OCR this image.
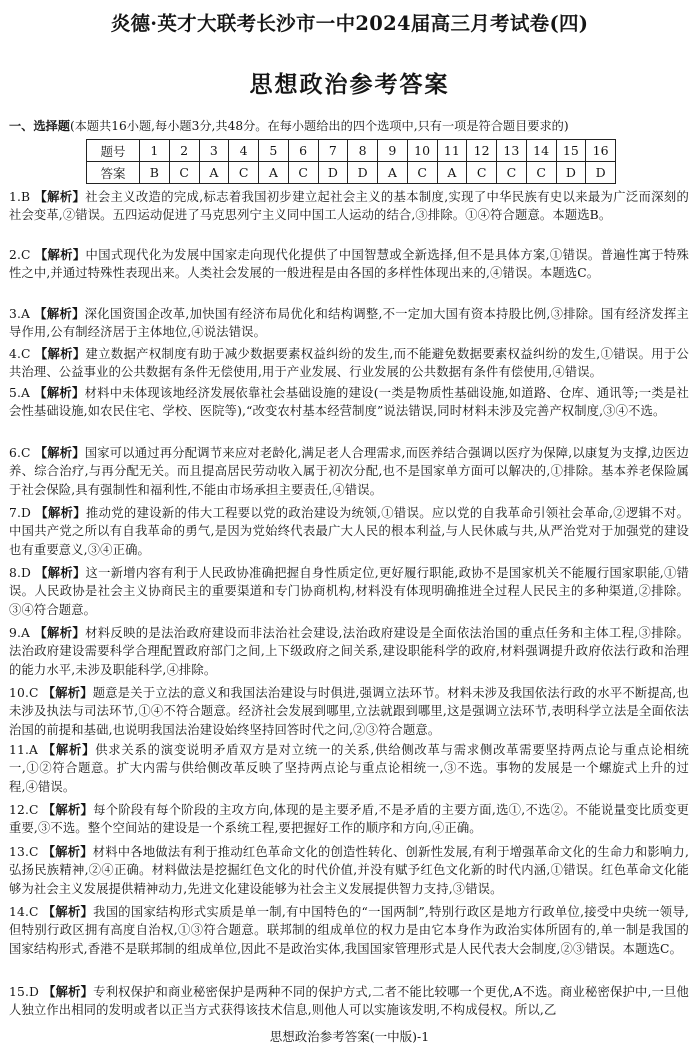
炎德·英才大联考长沙市一中2024届高三月考试卷(四)
思想政治参考答案
一、选择题(本题共16小题,每小题3分,共48分。在每小题给出的四个选项中,只有一项是符合题目要求的)
题号	1	2	3	4	5	6	7	8	9	10	11	12	13	14	15	16
答案	B	C	A	C	A	C	D	D	A	C	A	C	C	C	D	D
1.B 【解析】社会主义改造的完成,标志着我国初步建立起社会主义的基本制度,实现了中华民族有史以来最为广泛而深刻的社会变革,②错误。五四运动促进了马克思列宁主义同中国工人运动的结合,③排除。①④符合题意。本题选B。
2.C 【解析】中国式现代化为发展中国家走向现代化提供了中国智慧或全新选择,但不是具体方案,①错误。普遍性寓于特殊性之中,并通过特殊性表现出来。人类社会发展的一般进程是由各国的多样性体现出来的,④错误。本题选C。
3.A 【解析】深化国资国企改革,加快国有经济布局优化和结构调整,不一定加大国有资本持股比例,③排除。国有经济发挥主导作用,公有制经济居于主体地位,④说法错误。
4.C 【解析】建立数据产权制度有助于减少数据要素权益纠纷的发生,而不能避免数据要素权益纠纷的发生,①错误。用于公共治理、公益事业的公共数据有条件无偿使用,用于产业发展、行业发展的公共数据有条件有偿使用,④错误。
5.A 【解析】材料中未体现该地经济发展依靠社会基础设施的建设(一类是物质性基础设施,如道路、仓库、通讯等;一类是社会性基础设施,如农民住宅、学校、医院等),“改变农村基本经营制度”说法错误,同时材料未涉及完善产权制度,③④不选。
6.C 【解析】国家可以通过再分配调节来应对老龄化,满足老人合理需求,而医养结合强调以医疗为保障,以康复为支撑,边医边养、综合治疗,与再分配无关。而且提高居民劳动收入属于初次分配,也不是国家单方面可以解决的,①排除。基本养老保险属于社会保险,具有强制性和福利性,不能由市场承担主要责任,④错误。
7.D 【解析】推动党的建设新的伟大工程要以党的政治建设为统领,①错误。应以党的自我革命引领社会革命,②逻辑不对。中国共产党之所以有自我革命的勇气,是因为党始终代表最广大人民的根本利益,与人民休戚与共,从严治党对于加强党的建设也有重要意义,③④正确。
8.D 【解析】这一新增内容有利于人民政协准确把握自身性质定位,更好履行职能,政协不是国家机关不能履行国家职能,①错误。人民政协是社会主义协商民主的重要渠道和专门协商机构,材料没有体现明确推进全过程人民民主的多种渠道,②排除。③④符合题意。
9.A 【解析】材料反映的是法治政府建设而非法治社会建设,法治政府建设是全面依法治国的重点任务和主体工程,③排除。法治政府建设需要科学合理配置政府部门之间,上下级政府之间关系,建设职能科学的政府,材料强调提升政府依法行政和治理的能力水平,未涉及职能科学,④排除。
10.C 【解析】题意是关于立法的意义和我国法治建设与时俱进,强调立法环节。材料未涉及我国依法行政的水平不断提高,也未涉及执法与司法环节,①④不符合题意。经济社会发展到哪里,立法就跟到哪里,这是强调立法环节,表明科学立法是全面依法治国的前提和基础,也说明我国法治建设始终坚持回答时代之问,②③符合题意。
11.A 【解析】供求关系的演变说明矛盾双方是对立统一的关系,供给侧改革与需求侧改革需要坚持两点论与重点论相统一,①②符合题意。扩大内需与供给侧改革反映了坚持两点论与重点论相统一,③不选。事物的发展是一个螺旋式上升的过程,④错误。
12.C 【解析】每个阶段有每个阶段的主攻方向,体现的是主要矛盾,不是矛盾的主要方面,选①,不选②。不能说量变比质变更重要,③不选。整个空间站的建设是一个系统工程,要把握好工作的顺序和方向,④正确。
13.C 【解析】材料中各地做法有利于推动红色革命文化的创造性转化、创新性发展,有利于增强革命文化的生命力和影响力,弘扬民族精神,②④正确。材料做法是挖掘红色文化的时代价值,并没有赋予红色文化新的时代内涵,①错误。红色革命文化能够为社会主义发展提供精神动力,先进文化建设能够为社会主义发展提供智力支持,③错误。
14.C 【解析】我国的国家结构形式实质是单一制,有中国特色的“一国两制”,特别行政区是地方行政单位,接受中央统一领导,但特别行政区拥有高度自治权,①③符合题意。联邦制的组成单位的权力是由它本身作为政治实体所固有的,单一制是我国的国家结构形式,香港不是联邦制的组成单位,因此不是政治实体,我国国家管理形式是人民代表大会制度,②③错误。本题选C。
15.D 【解析】专利权保护和商业秘密保护是两种不同的保护方式,二者不能比较哪一个更优,A不选。商业秘密保护中,一旦他人独立作出相同的发明或者以正当方式获得该技术信息,则他人可以实施该发明,不构成侵权。所以,乙
思想政治参考答案(一中版)-1
